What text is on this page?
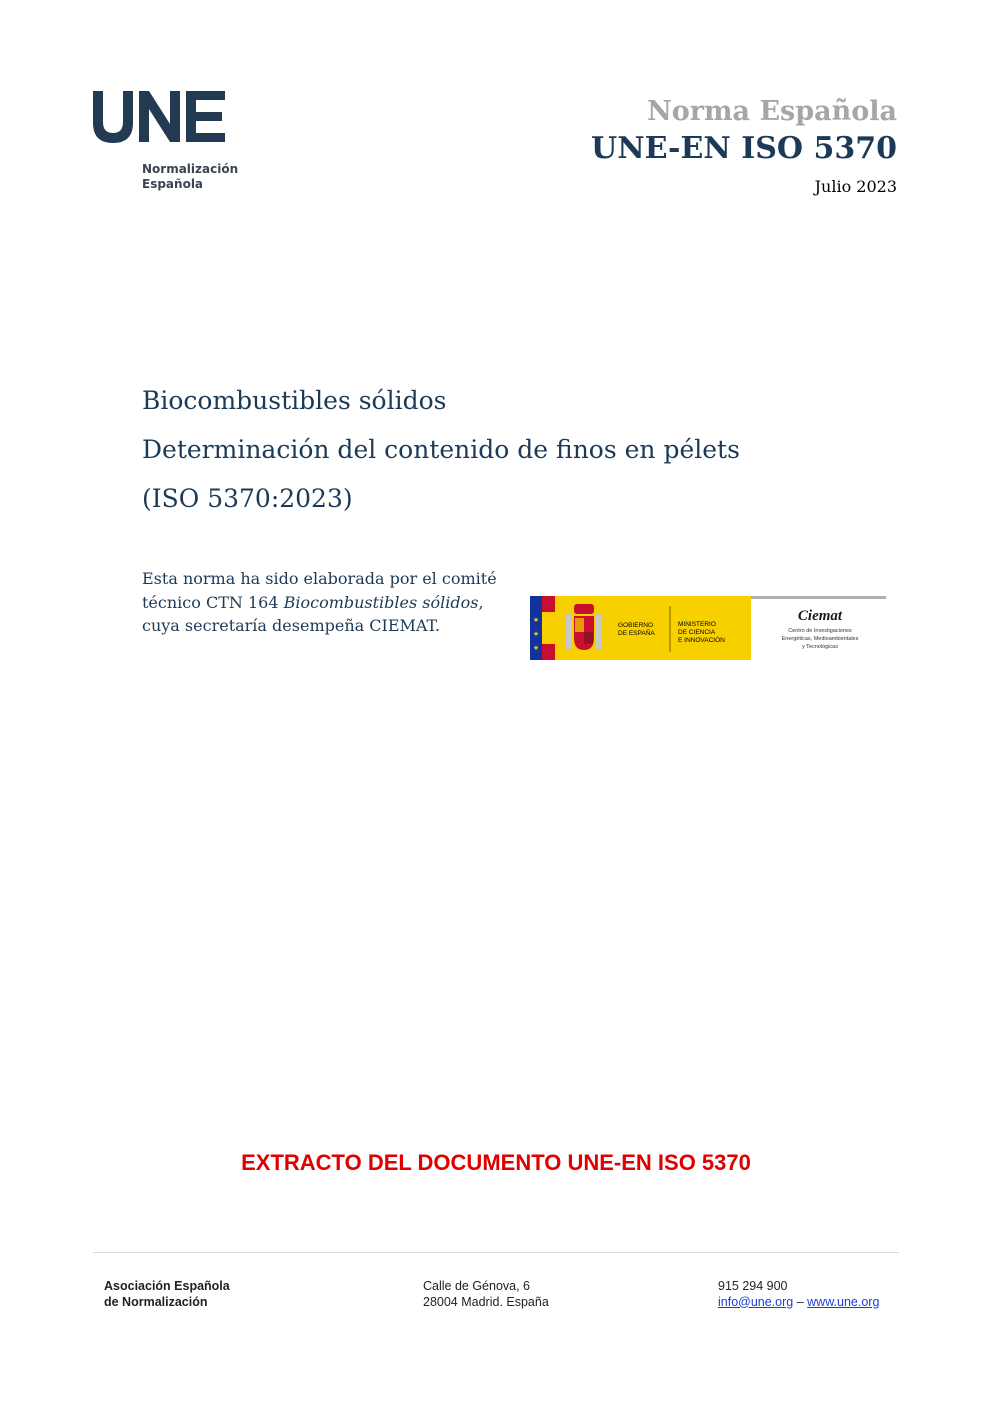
Normalización
Española
Norma Española
UNE-EN ISO 5370
Julio 2023
Biocombustibles sólidos
Determinación del contenido de finos en pélets
(ISO 5370:2023)
Esta norma ha sido elaborada por el comité técnico CTN 164 Biocombustibles sólidos, cuya secretaría desempeña CIEMAT.	★
★
★
GOBIERNO
DE ESPAÑA
MINISTERIO
DE CIENCIA
E INNOVACIÓN
Ciemat
Centro de Investigaciones
Energéticas, Medioambientales
y Tecnológicas
EXTRACTO DEL DOCUMENTO UNE-EN ISO 5370
Asociación Española
de Normalización
Calle de Génova, 6
28004 Madrid. España
915 294 900
info@une.org – www.une.org
